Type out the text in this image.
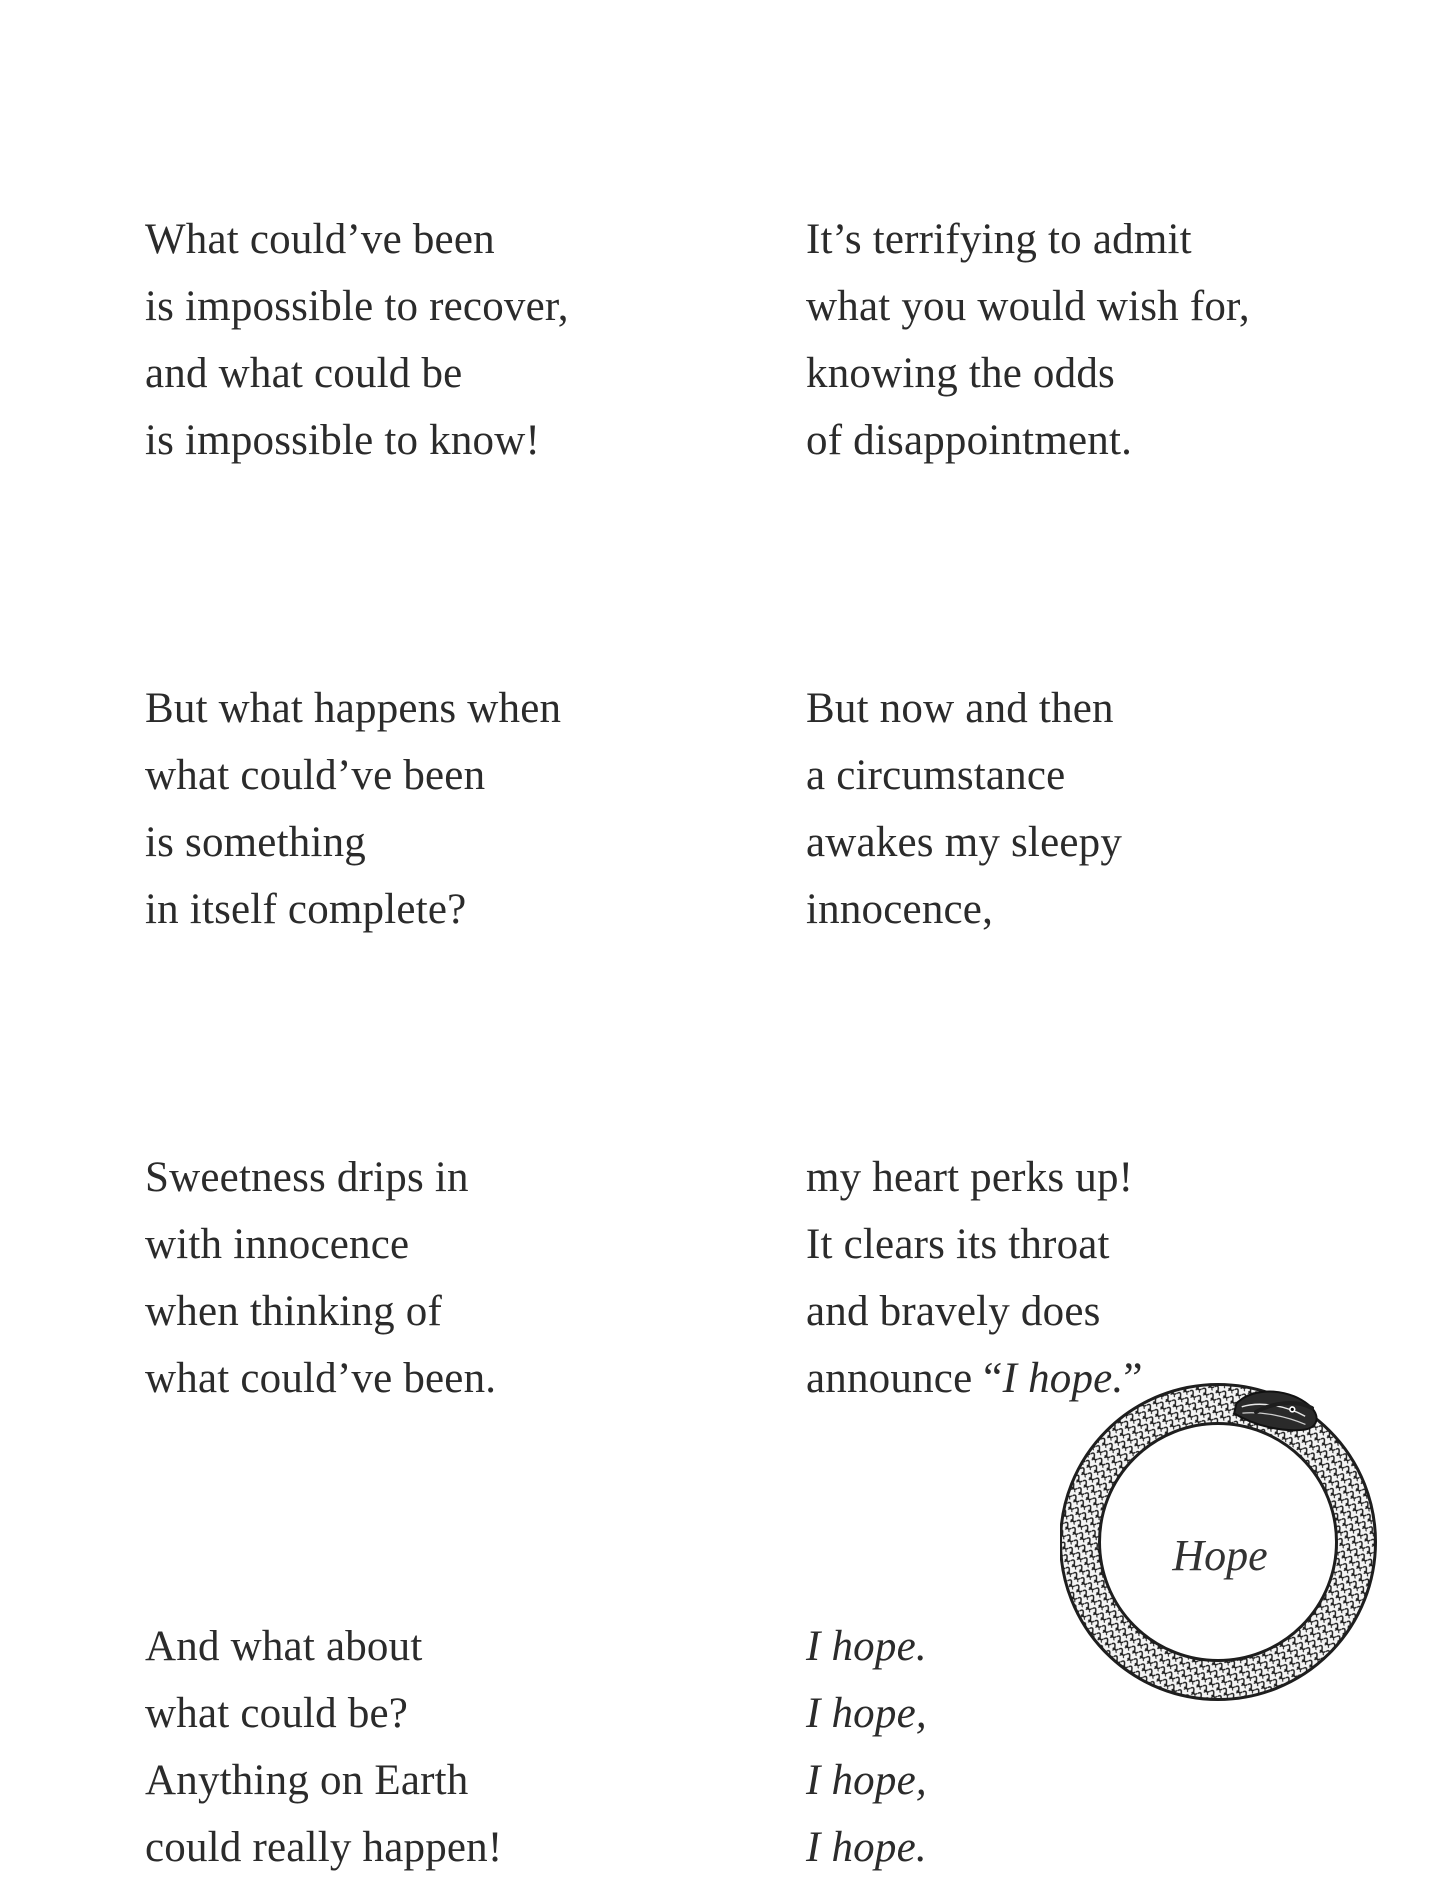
What could’ve been
is impossible to recover,
and what could be
is impossible to know!
But what happens when
what could’ve been
is something
in itself complete?
Sweetness drips in
with innocence
when thinking of
what could’ve been.
And what about
what could be?
Anything on Earth
could really happen!
It’s terrifying to admit
what you would wish for,
knowing the odds
of disappointment.
But now and then
a circumstance
awakes my sleepy
innocence,
my heart perks up!
It clears its throat
and bravely does
announce “I hope.”
I hope.
I hope,
I hope,
I hope.
Hope
